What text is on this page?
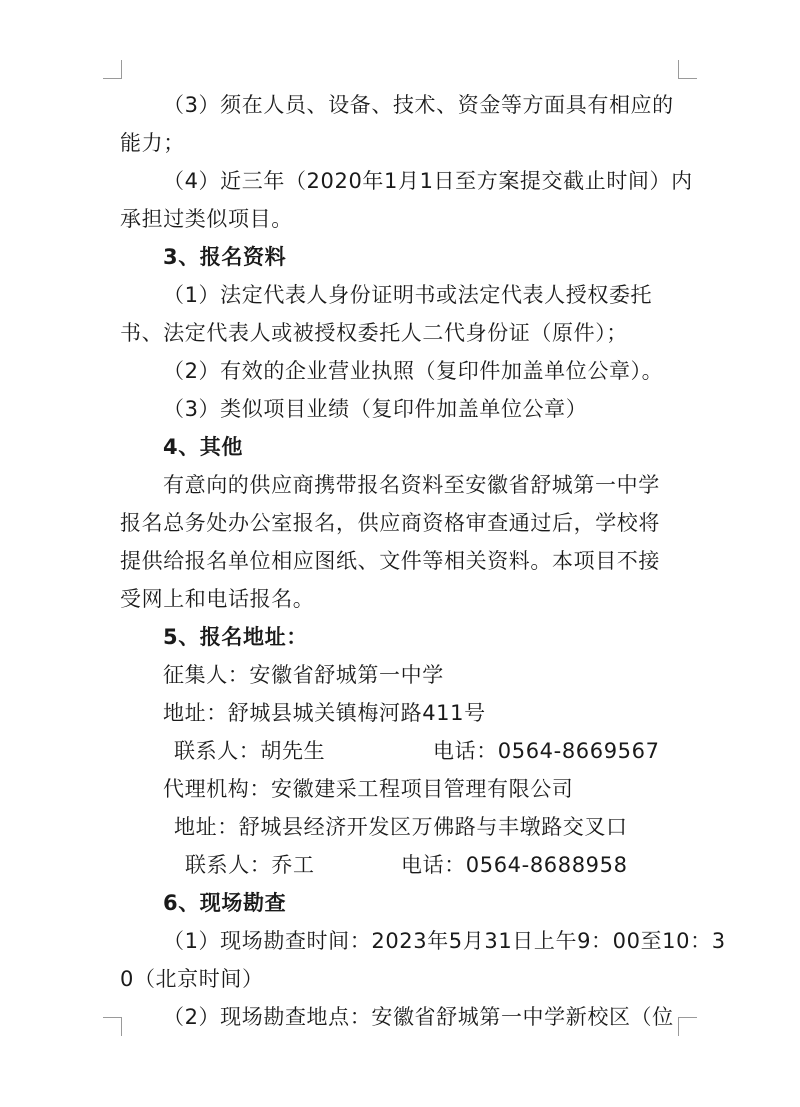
（3）须在人员、设备、技术、资金等方面具有相应的
能力；
（4）近三年（2020年1月1日至方案提交截止时间）内
承担过类似项目。
3、报名资料
（1）法定代表人身份证明书或法定代表人授权委托
书、法定代表人或被授权委托人二代身份证（原件）；
（2）有效的企业营业执照（复印件加盖单位公章）。
（3）类似项目业绩（复印件加盖单位公章）
4、其他
有意向的供应商携带报名资料至安徽省舒城第一中学
报名总务处办公室报名，供应商资格审查通过后，学校将
提供给报名单位相应图纸、文件等相关资料。本项目不接
受网上和电话报名。
5、报名地址：
征集人：安徽省舒城第一中学
地址：舒城县城关镇梅河路411号
联系人：胡先生	电话：0564-8669567
代理机构：安徽建采工程项目管理有限公司
地址：舒城县经济开发区万佛路与丰墩路交叉口
联系人：乔工	电话：0564-8688958
6、现场勘查
（1）现场勘查时间：2023年5月31日上午9：00至10：3
0（北京时间）
（2）现场勘查地点：安徽省舒城第一中学新校区（位
